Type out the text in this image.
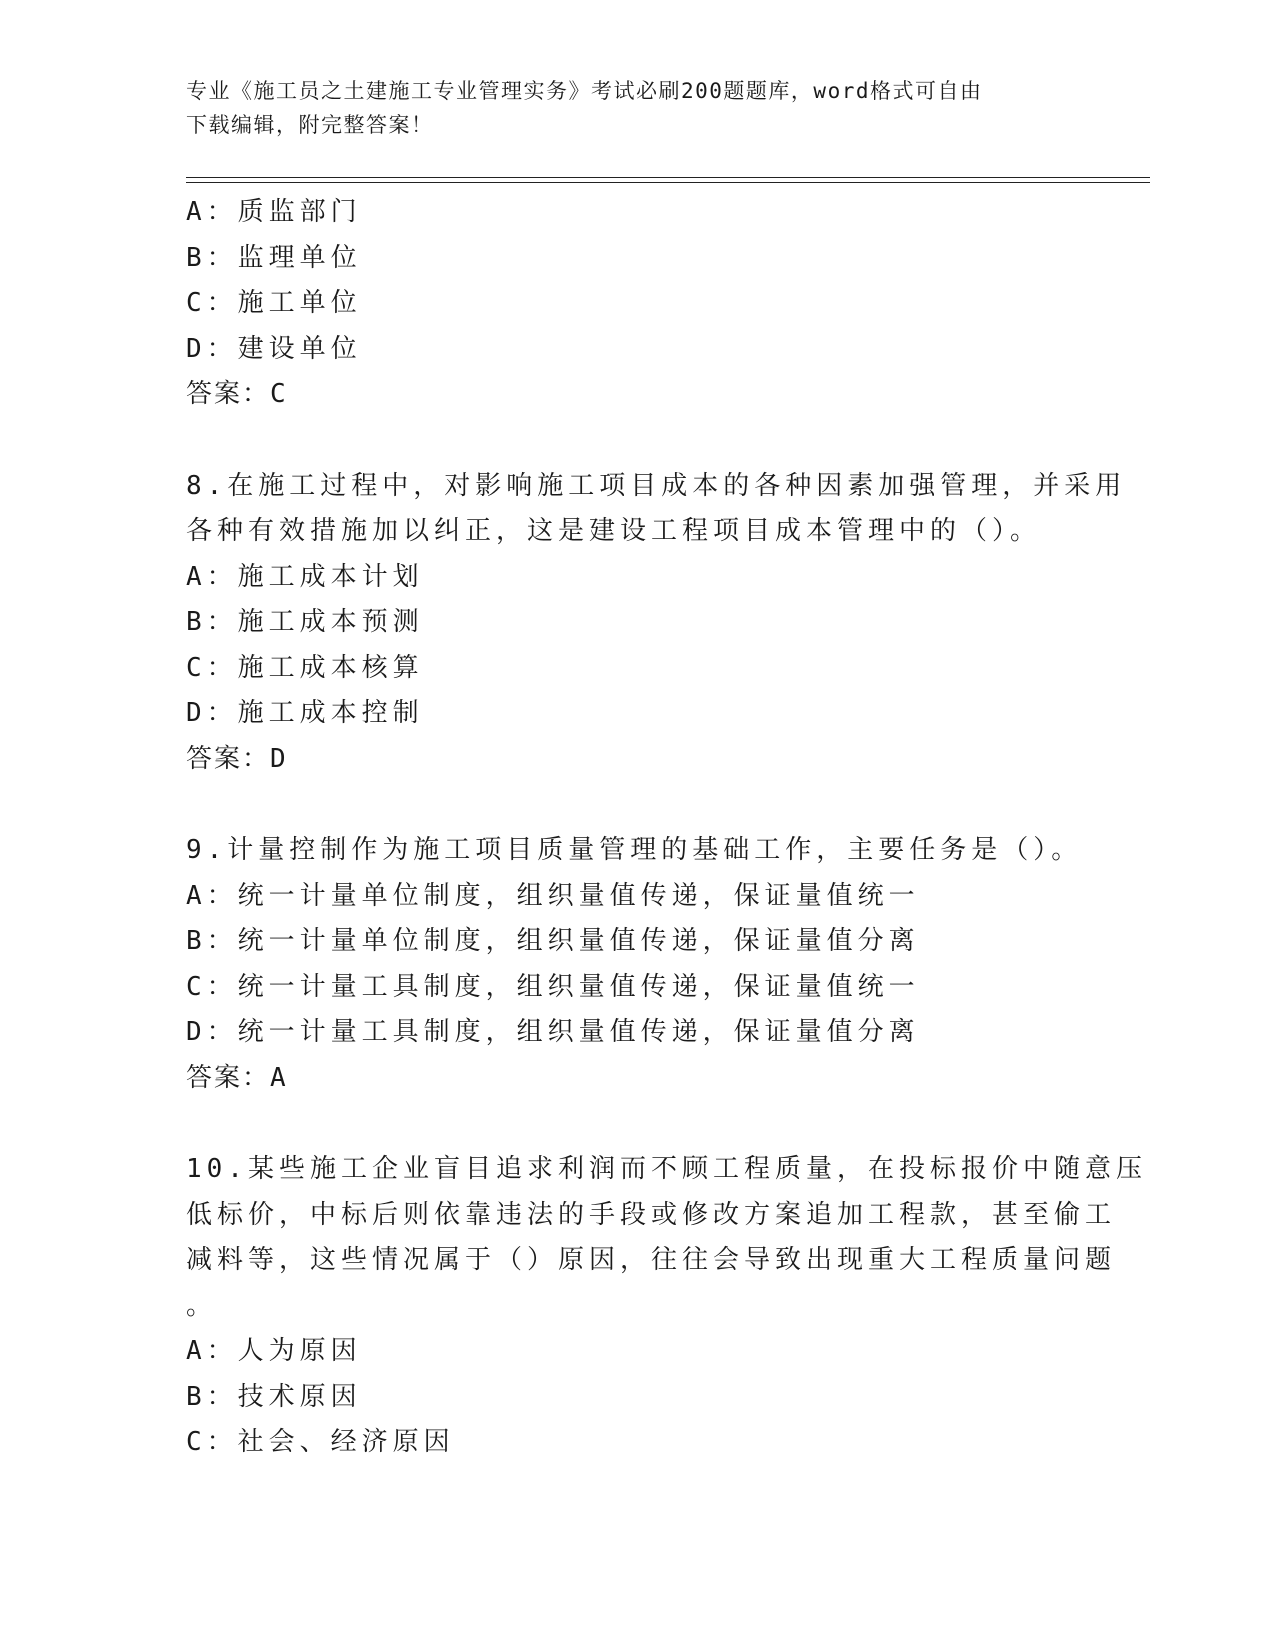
专业《施工员之土建施工专业管理实务》考试必刷200题题库，word格式可自由
下载编辑，附完整答案！
A：质监部门
B：监理单位
C：施工单位
D：建设单位
答案：C
8.在施工过程中，对影响施工项目成本的各种因素加强管理，并采用
各种有效措施加以纠正，这是建设工程项目成本管理中的（）。
A：施工成本计划
B：施工成本预测
C：施工成本核算
D：施工成本控制
答案：D
9.计量控制作为施工项目质量管理的基础工作，主要任务是（）。
A：统一计量单位制度，组织量值传递，保证量值统一
B：统一计量单位制度，组织量值传递，保证量值分离
C：统一计量工具制度，组织量值传递，保证量值统一
D：统一计量工具制度，组织量值传递，保证量值分离
答案：A
10.某些施工企业盲目追求利润而不顾工程质量，在投标报价中随意压
低标价，中标后则依靠违法的手段或修改方案追加工程款，甚至偷工
减料等，这些情况属于（）原因，往往会导致出现重大工程质量问题
。
A：人为原因
B：技术原因
C：社会、经济原因
